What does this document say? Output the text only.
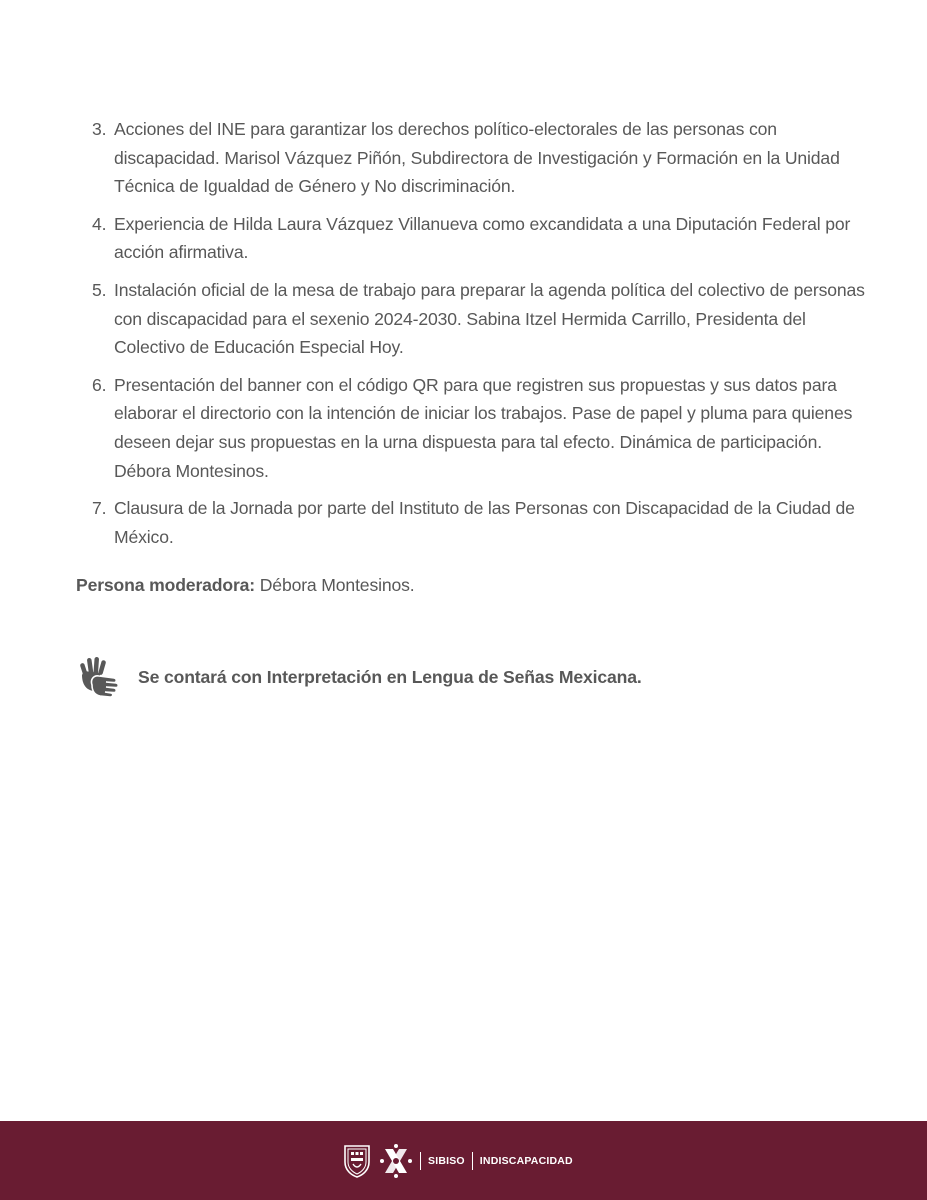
3. Acciones del INE para garantizar los derechos político-electorales de las personas con discapacidad. Marisol Vázquez Piñón, Subdirectora de Investigación y Formación en la Unidad Técnica de Igualdad de Género y No discriminación.
4. Experiencia de Hilda Laura Vázquez Villanueva como excandidata a una Diputación Federal por acción afirmativa.
5. Instalación oficial de la mesa de trabajo para preparar la agenda política del colectivo de personas con discapacidad para el sexenio 2024-2030. Sabina Itzel Hermida Carrillo, Presidenta del Colectivo de Educación Especial Hoy.
6. Presentación del banner con el código QR para que registren sus propuestas y sus datos para elaborar el directorio con la intención de iniciar los trabajos. Pase de papel y pluma para quienes deseen dejar sus propuestas en la urna dispuesta para tal efecto. Dinámica de participación. Débora Montesinos.
7. Clausura de la Jornada por parte del Instituto de las Personas con Discapacidad de la Ciudad de México.
Persona moderadora: Débora Montesinos.
Se contará con Interpretación en Lengua de Señas Mexicana.
SIBISO INDISCAPACIDAD
